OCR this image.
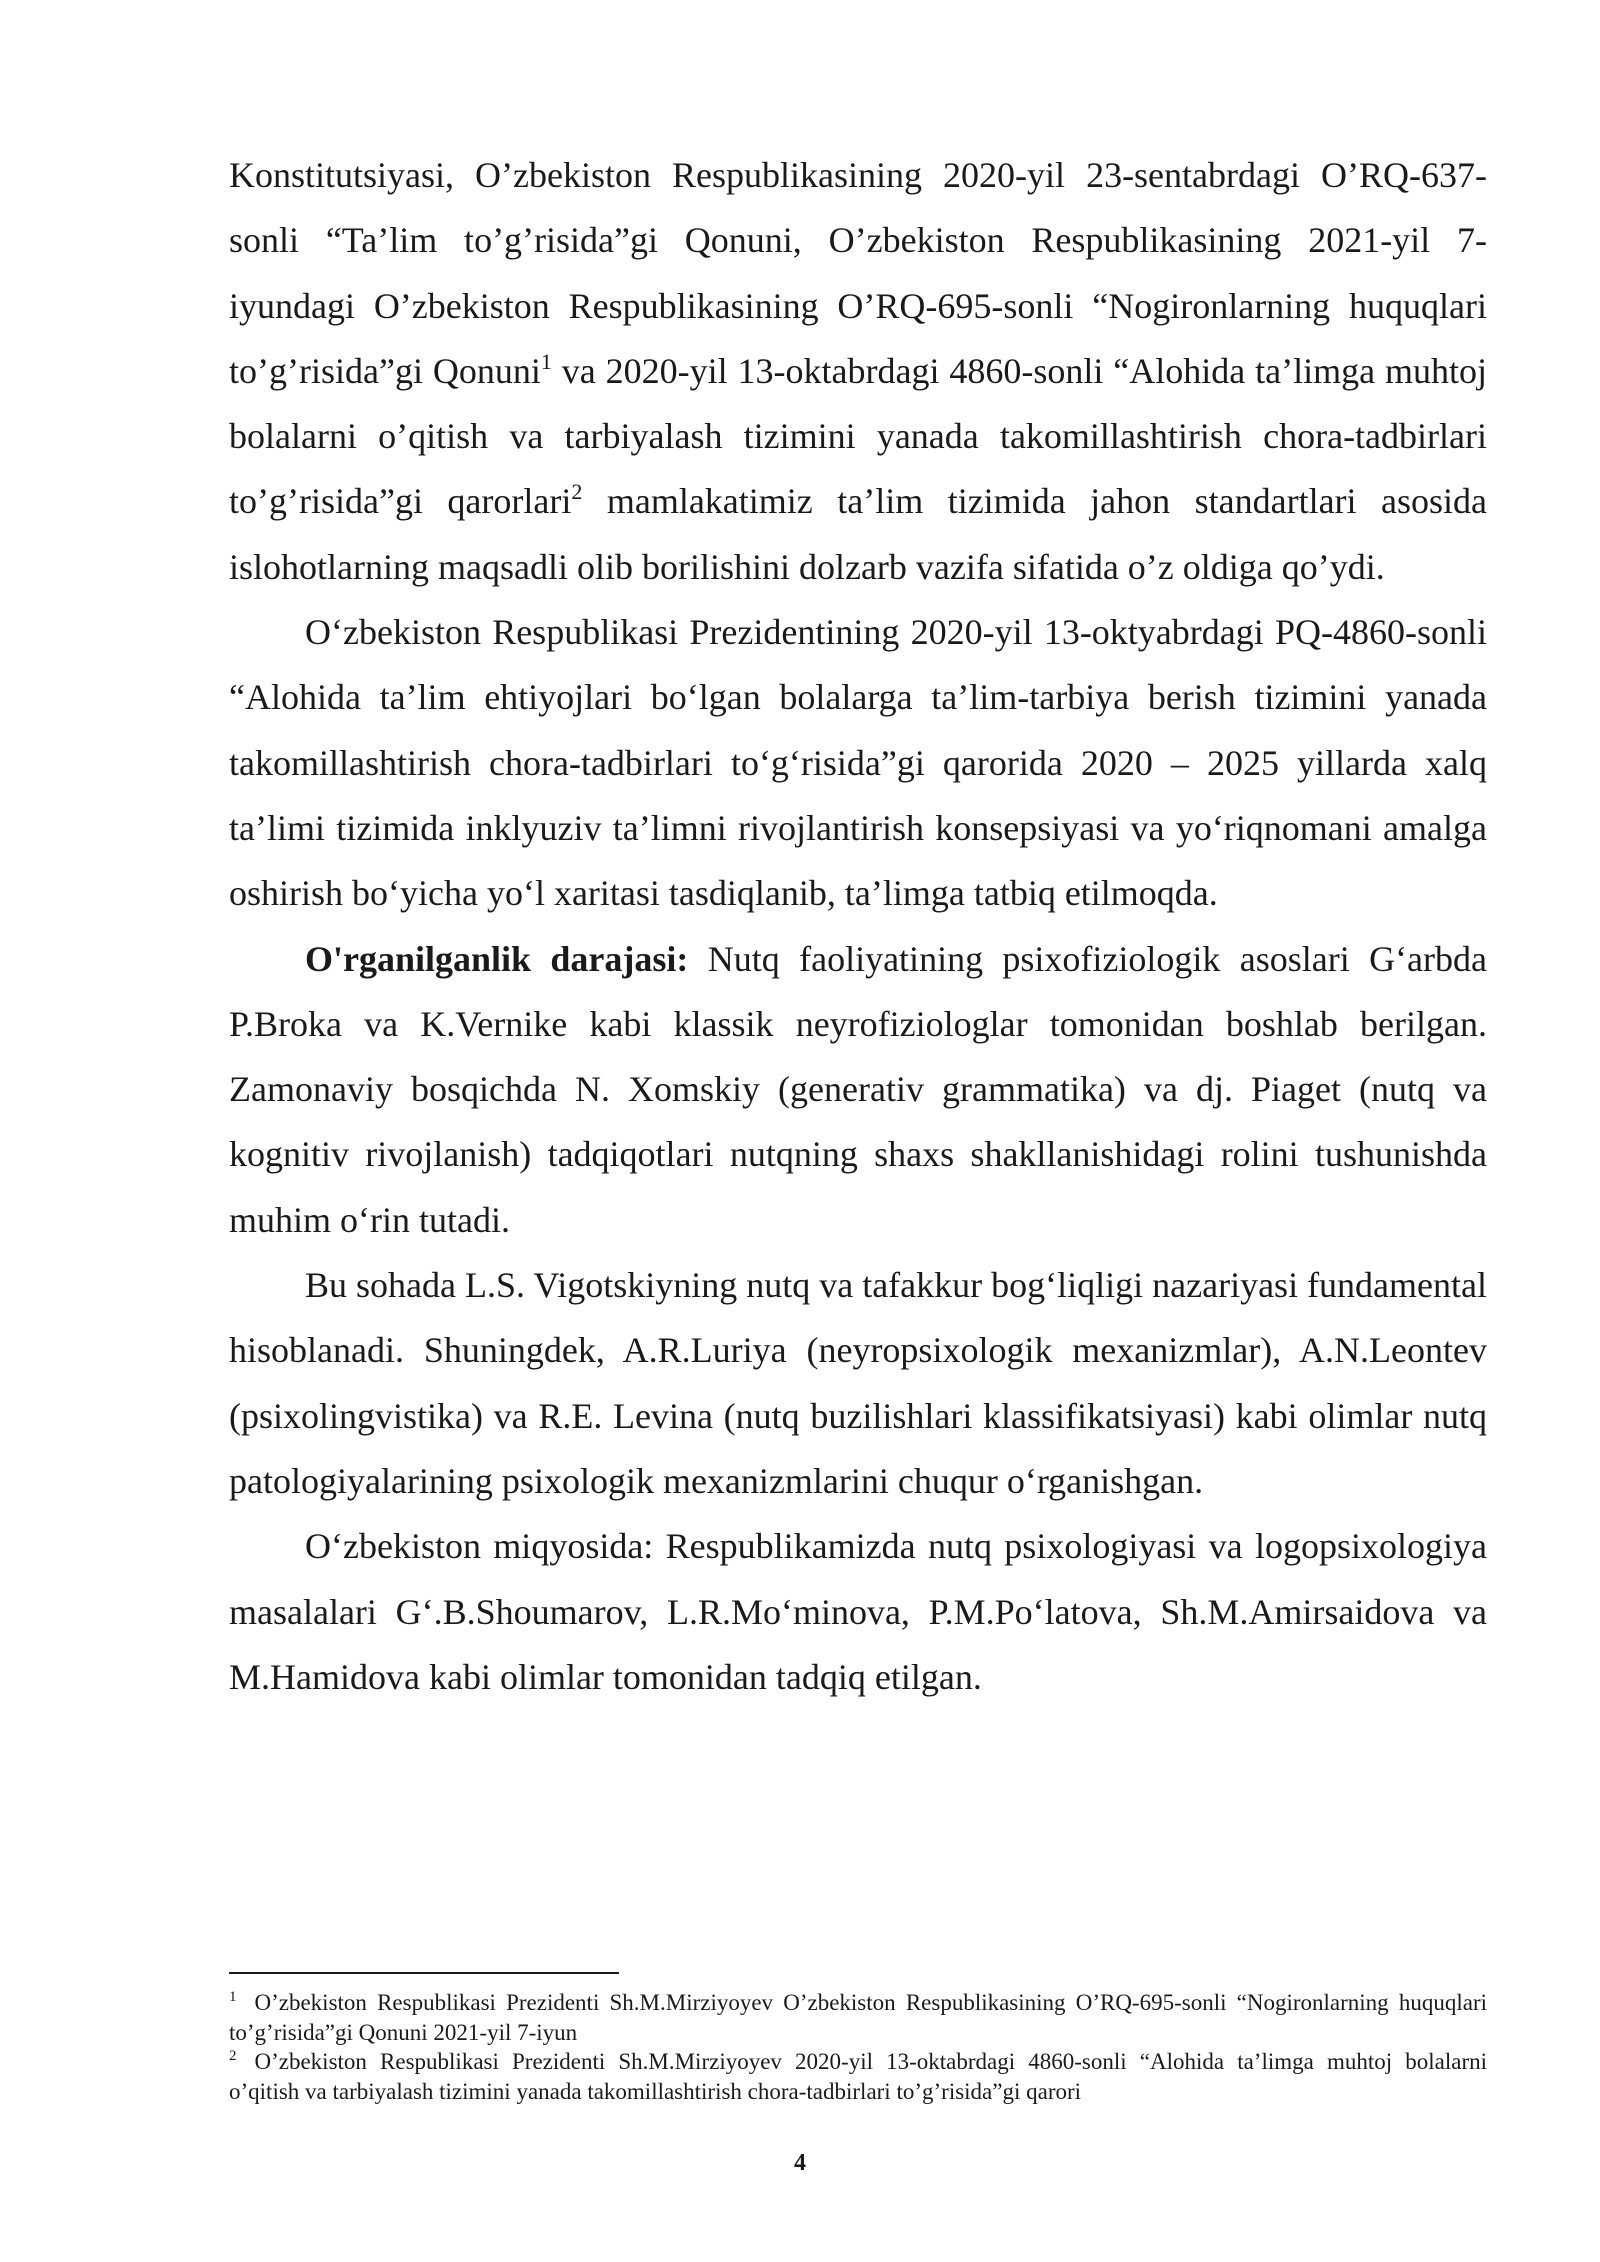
Konstitutsiyasi, O’zbekiston Respublikasining 2020-yil 23-sentabrdagi O’RQ-637-sonli “Ta’lim to’g’risida”gi Qonuni, O’zbekiston Respublikasining 2021-yil 7-iyundagi O’zbekiston Respublikasining O’RQ-695-sonli “Nogironlarning huquqlari to’g’risida”gi Qonuni$^1$ va 2020-yil 13-oktabrdagi 4860-sonli “Alohida ta’limga muhtoj bolalarni o’qitish va tarbiyalash tizimini yanada takomillashtirish chora-tadbirlari to’g’risida”gi qarorlari$^2$ mamlakatimiz ta’lim tizimida jahon standartlari asosida islohotlarning maqsadli olib borilishini dolzarb vazifa sifatida o’z oldiga qo’ydi.

O‘zbekiston Respublikasi Prezidentining 2020-yil 13-oktyabrdagi PQ-4860-sonli “Alohida ta’lim ehtiyojlari bo‘lgan bolalarga ta’lim-tarbiya berish tizimini yanada takomillashtirish chora-tadbirlari to‘g‘risida”gi qarorida 2020 – 2025 yillarda xalq ta’limi tizimida inklyuziv ta’limni rivojlantirish konsepsiyasi va yo‘riqnomani amalga oshirish bo‘yicha yo‘l xaritasi tasdiqlanib, ta’limga tatbiq etilmoqda.

O'rganilganlik darajasi: Nutq faoliyatining psixofiziologik asoslari G‘arbda P.Broka va K.Vernike kabi klassik neyrofiziologlar tomonidan boshlab berilgan. Zamonaviy bosqichda N. Xomskiy (generativ grammatika) va dj. Piaget (nutq va kognitiv rivojlanish) tadqiqotlari nutqning shaxs shakllanishidagi rolini tushunishda muhim o‘rin tutadi.

Bu sohada L.S. Vigotskiyning nutq va tafakkur bog‘liqligi nazariyasi fundamental hisoblanadi. Shuningdek, A.R.Luriya (neyropsixologik mexanizmlar), A.N.Leontev (psixolingvistika) va R.E. Levina (nutq buzilishlari klassifikatsiyasi) kabi olimlar nutq patologiyalarining psixologik mexanizmlarini chuqur o‘rganishgan.

O‘zbekiston miqyosida: Respublikamizda nutq psixologiyasi va logopsixologiya masalalari G‘.B.Shoumarov, L.R.Mo‘minova, P.M.Po‘latova, Sh.M.Amirsaidova va M.Hamidova kabi olimlar tomonidan tadqiq etilgan.

$^1$ O’zbekiston Respublikasi Prezidenti Sh.M.Mirziyoyev O’zbekiston Respublikasining O’RQ-695-sonli “Nogironlarning huquqlari to’g’risida”gi Qonuni 2021-yil 7-iyun

$^2$ O’zbekiston Respublikasi Prezidenti Sh.M.Mirziyoyev 2020-yil 13-oktabrdagi 4860-sonli “Alohida ta’limga muhtoj bolalarni o’qitish va tarbiyalash tizimini yanada takomillashtirish chora-tadbirlari to’g’risida”gi qarori

4
